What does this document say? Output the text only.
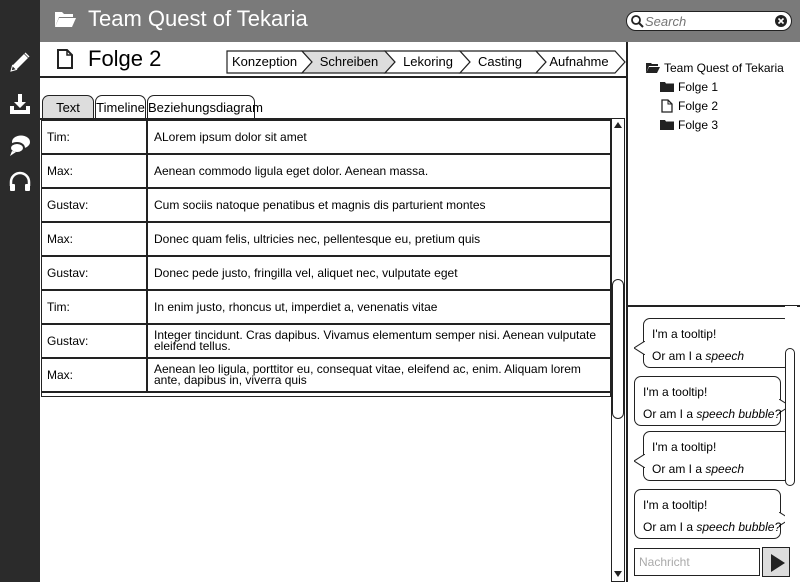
Team Quest of Tekaria
Search
Folge 2	Konzeption Schreiben	Lekoring	Casting	Aufnahme
Text	Timeline Beziehungsdiagram
Tim:	ALorem ipsum dolor sit amet
Max:	Aenean commodo ligula eget dolor. Aenean massa.
Gustav:	Cum sociis natoque penatibus et magnis dis parturient montes
Max:	Donec quam felis, ultricies nec, pellentesque eu, pretium quis
Gustav:	Donec pede justo, fringilla vel, aliquet nec, vulputate eget
Tim:	In enim justo, rhoncus ut, imperdiet a, venenatis vitae
Gustav:	Integer tincidunt. Cras dapibus. Vivamus elementum semper nisi. Aenean vulputate eleifend tellus.
Max:	Aenean leo ligula, porttitor eu, consequat vitae, eleifend ac, enim. Aliquam lorem ante, dapibus in, viverra quis
Team Quest of Tekaria
Folge 1
Folge 2
Folge 3
I'm a tooltip!
Or am I a speech
I'm a tooltip!
Or am I a speech bubble?
I'm a tooltip!
Or am I a speech
I'm a tooltip!
Or am I a speech bubble?
Nachricht
